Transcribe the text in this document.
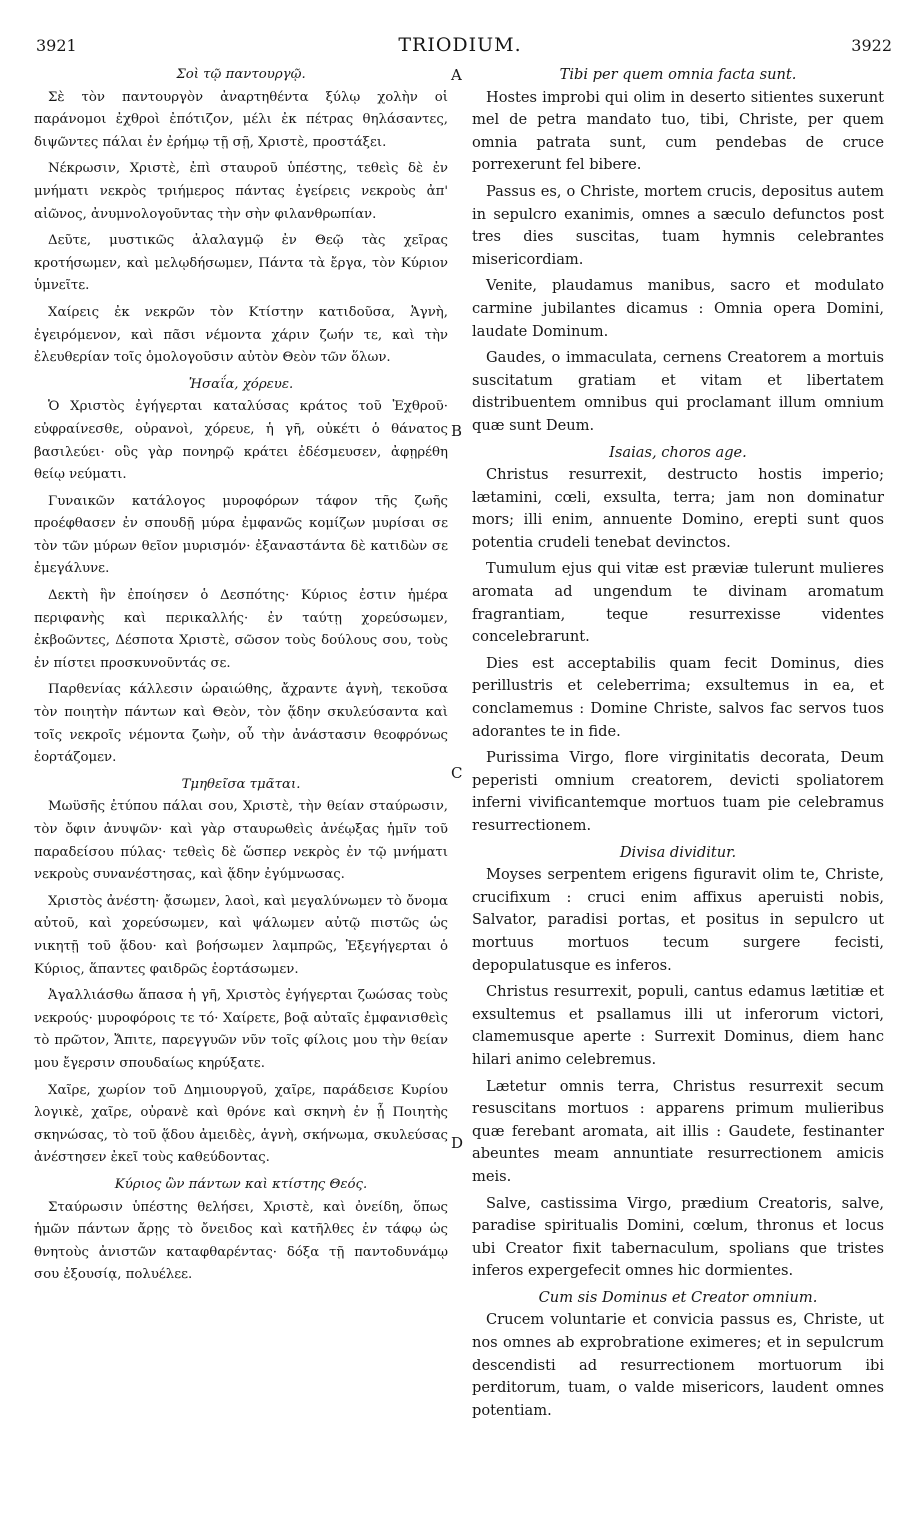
3921	TRIODIUM.	3922
Σοὶ τῷ παντουργῷ.
Σὲ τὸν παντουργὸν ἀναρτηθέντα ξύλῳ χολὴν οἱ παράνομοι ἐχθροὶ ἐπότιζον, μέλι ἐκ πέτρας θηλάσαντες, διψῶντες πάλαι ἐν ἐρήμῳ τῇ σῇ, Χριστὲ, προστάξει.
Νέκρωσιν, Χριστὲ, ἐπὶ σταυροῦ ὑπέστης, τεθεὶς δὲ ἐν μνήματι νεκρὸς τριήμερος πάντας ἐγείρεις νεκροὺς ἀπ' αἰῶνος, ἀνυμνολογοῦντας τὴν σὴν φιλανθρωπίαν.
Δεῦτε, μυστικῶς ἀλαλαγμῷ ἐν Θεῷ τὰς χεῖρας κροτήσωμεν, καὶ μελῳδήσωμεν, Πάντα τὰ ἔργα, τὸν Κύριον ὑμνεῖτε.
Χαίρεις ἐκ νεκρῶν τὸν Κτίστην κατιδοῦσα, Ἁγνὴ, ἐγειρόμενον, καὶ πᾶσι νέμοντα χάριν ζωήν τε, καὶ τὴν ἐλευθερίαν τοῖς ὁμολογοῦσιν αὐτὸν Θεὸν τῶν ὅλων.
Ἠσαΐα, χόρευε.
Ὁ Χριστὸς ἐγήγερται καταλύσας κράτος τοῦ Ἐχθροῦ· εὐφραίνεσθε, οὐρανοὶ, χόρευε, ἡ γῆ, οὐκέτι ὁ θάνατος βασιλεύει· οὓς γὰρ πονηρῷ κράτει ἐδέσμευσεν, ἀφῃρέθη θείῳ νεύματι.
Γυναικῶν κατάλογος μυροφόρων τάφον τῆς ζωῆς προέφθασεν ἐν σπουδῇ μύρα ἐμφανῶς κομίζων μυρίσαι σε τὸν τῶν μύρων θεῖον μυρισμόν· ἐξαναστάντα δὲ κατιδὼν σε ἐμεγάλυνε.
Δεκτὴ ἣν ἐποίησεν ὁ Δεσπότης· Κύριος ἐστιν ἡμέρα περιφανὴς καὶ περικαλλής· ἐν ταύτῃ χορεύσωμεν, ἐκβοῶντες, Δέσποτα Χριστὲ, σῶσον τοὺς δούλους σου, τοὺς ἐν πίστει προσκυνοῦντάς σε.
Παρθενίας κάλλεσιν ὡραιώθης, ἄχραντε ἁγνὴ, τεκοῦσα τὸν ποιητὴν πάντων καὶ Θεὸν, τὸν ᾅδην σκυλεύσαντα καὶ τοῖς νεκροῖς νέμοντα ζωὴν, οὗ τὴν ἀνάστασιν θεοφρόνως ἑορτάζομεν.
Τμηθεῖσα τμᾶται.
Μωϋσῆς ἐτύπου πάλαι σου, Χριστὲ, τὴν θείαν σταύρωσιν, τὸν ὄφιν ἀνυψῶν· καὶ γὰρ σταυρωθεὶς ἀνέῳξας ἡμῖν τοῦ παραδείσου πύλας· τεθεὶς δὲ ὥσπερ νεκρὸς ἐν τῷ μνήματι νεκροὺς συνανέστησας, καὶ ᾅδην ἐγύμνωσας.
Χριστὸς ἀνέστη· ᾄσωμεν, λαοὶ, καὶ μεγαλύνωμεν τὸ ὄνομα αὐτοῦ, καὶ χορεύσωμεν, καὶ ψάλωμεν αὐτῷ πιστῶς ὡς νικητῇ τοῦ ᾅδου· καὶ βοήσωμεν λαμπρῶς, Ἐξεγήγερται ὁ Κύριος, ἅπαντες φαιδρῶς ἑορτάσωμεν.
Ἀγαλλιάσθω ἅπασα ἡ γῆ, Χριστὸς ἐγήγερται ζωώσας τοὺς νεκρούς· μυροφόροις τε τό· Χαίρετε, βοᾷ αὐταῖς ἐμφανισθεὶς τὸ πρῶτον, Ἄπιτε, παρεγγυῶν νῦν τοῖς φίλοις μου τὴν θείαν μου ἔγερσιν σπουδαίως κηρύξατε.
Χαῖρε, χωρίον τοῦ Δημιουργοῦ, χαῖρε, παράδεισε Κυρίου λογικὲ, χαῖρε, οὐρανὲ καὶ θρόνε καὶ σκηνὴ ἐν ᾗ Ποιητὴς σκηνώσας, τὸ τοῦ ᾅδου ἀμειδὲς, ἁγνὴ, σκήνωμα, σκυλεύσας ἀνέστησεν ἐκεῖ τοὺς καθεύδοντας.
Κύριος ὢν πάντων καὶ κτίστης Θεός.
Σταύρωσιν ὑπέστης θελήσει, Χριστὲ, καὶ ὀνείδη, ὅπως ἡμῶν πάντων ἄρῃς τὸ ὄνειδος καὶ κατῆλθες ἐν τάφῳ ὡς θνητοὺς ἀνιστῶν καταφθαρέντας· δόξα τῇ παντοδυνάμῳ σου ἐξουσίᾳ, πολυέλεε.
Tibi per quem omnia facta sunt.
Hostes improbi qui olim in deserto sitientes suxerunt mel de petra mandato tuo, tibi, Christe, per quem omnia patrata sunt, cum pendebas de cruce porrexerunt fel bibere.
Passus es, o Christe, mortem crucis, depositus autem in sepulcro exanimis, omnes a sæculo defunctos post tres dies suscitas, tuam hymnis celebrantes misericordiam.
Venite, plaudamus manibus, sacro et modulato carmine jubilantes dicamus : Omnia opera Domini, laudate Dominum.
Gaudes, o immaculata, cernens Creatorem a mortuis suscitatum gratiam et vitam et libertatem distribuentem omnibus qui proclamant illum omnium quæ sunt Deum.
Isaias, choros age.
Christus resurrexit, destructo hostis imperio; lætamini, cœli, exsulta, terra; jam non dominatur mors; illi enim, annuente Domino, erepti sunt quos potentia crudeli tenebat devinctos.
Tumulum ejus qui vitæ est præviæ tulerunt mulieres aromata ad ungendum te divinam aromatum fragrantiam, teque resurrexisse videntes concelebrarunt.
Dies est acceptabilis quam fecit Dominus, dies perillustris et celeberrima; exsultemus in ea, et conclamemus : Domine Christe, salvos fac servos tuos adorantes te in fide.
Purissima Virgo, flore virginitatis decorata, Deum peperisti omnium creatorem, devicti spoliatorem inferni vivificantemque mortuos tuam pie celebramus resurrectionem.
Divisa dividitur.
Moyses serpentem erigens figuravit olim te, Christe, crucifixum : cruci enim affixus aperuisti nobis, Salvator, paradisi portas, et positus in sepulcro ut mortuus mortuos tecum surgere fecisti, depopulatusque es inferos.
Christus resurrexit, populi, cantus edamus lætitiæ et exsultemus et psallamus illi ut inferorum victori, clamemusque aperte : Surrexit Dominus, diem hanc hilari animo celebremus.
Lætetur omnis terra, Christus resurrexit secum resuscitans mortuos : apparens primum mulieribus quæ ferebant aromata, ait illis : Gaudete, festinanter abeuntes meam annuntiate resurrectionem amicis meis.
Salve, castissima Virgo, prædium Creatoris, salve, paradise spiritualis Domini, cœlum, thronus et locus ubi Creator fixit tabernaculum, spolians que tristes inferos expergefecit omnes hic dormientes.
Cum sis Dominus et Creator omnium.
Crucem voluntarie et convicia passus es, Christe, ut nos omnes ab exprobratione eximeres; et in sepulcrum descendisti ad resurrectionem mortuorum ibi perditorum, tuam, o valde misericors, laudent omnes potentiam.
A
B
C
D
